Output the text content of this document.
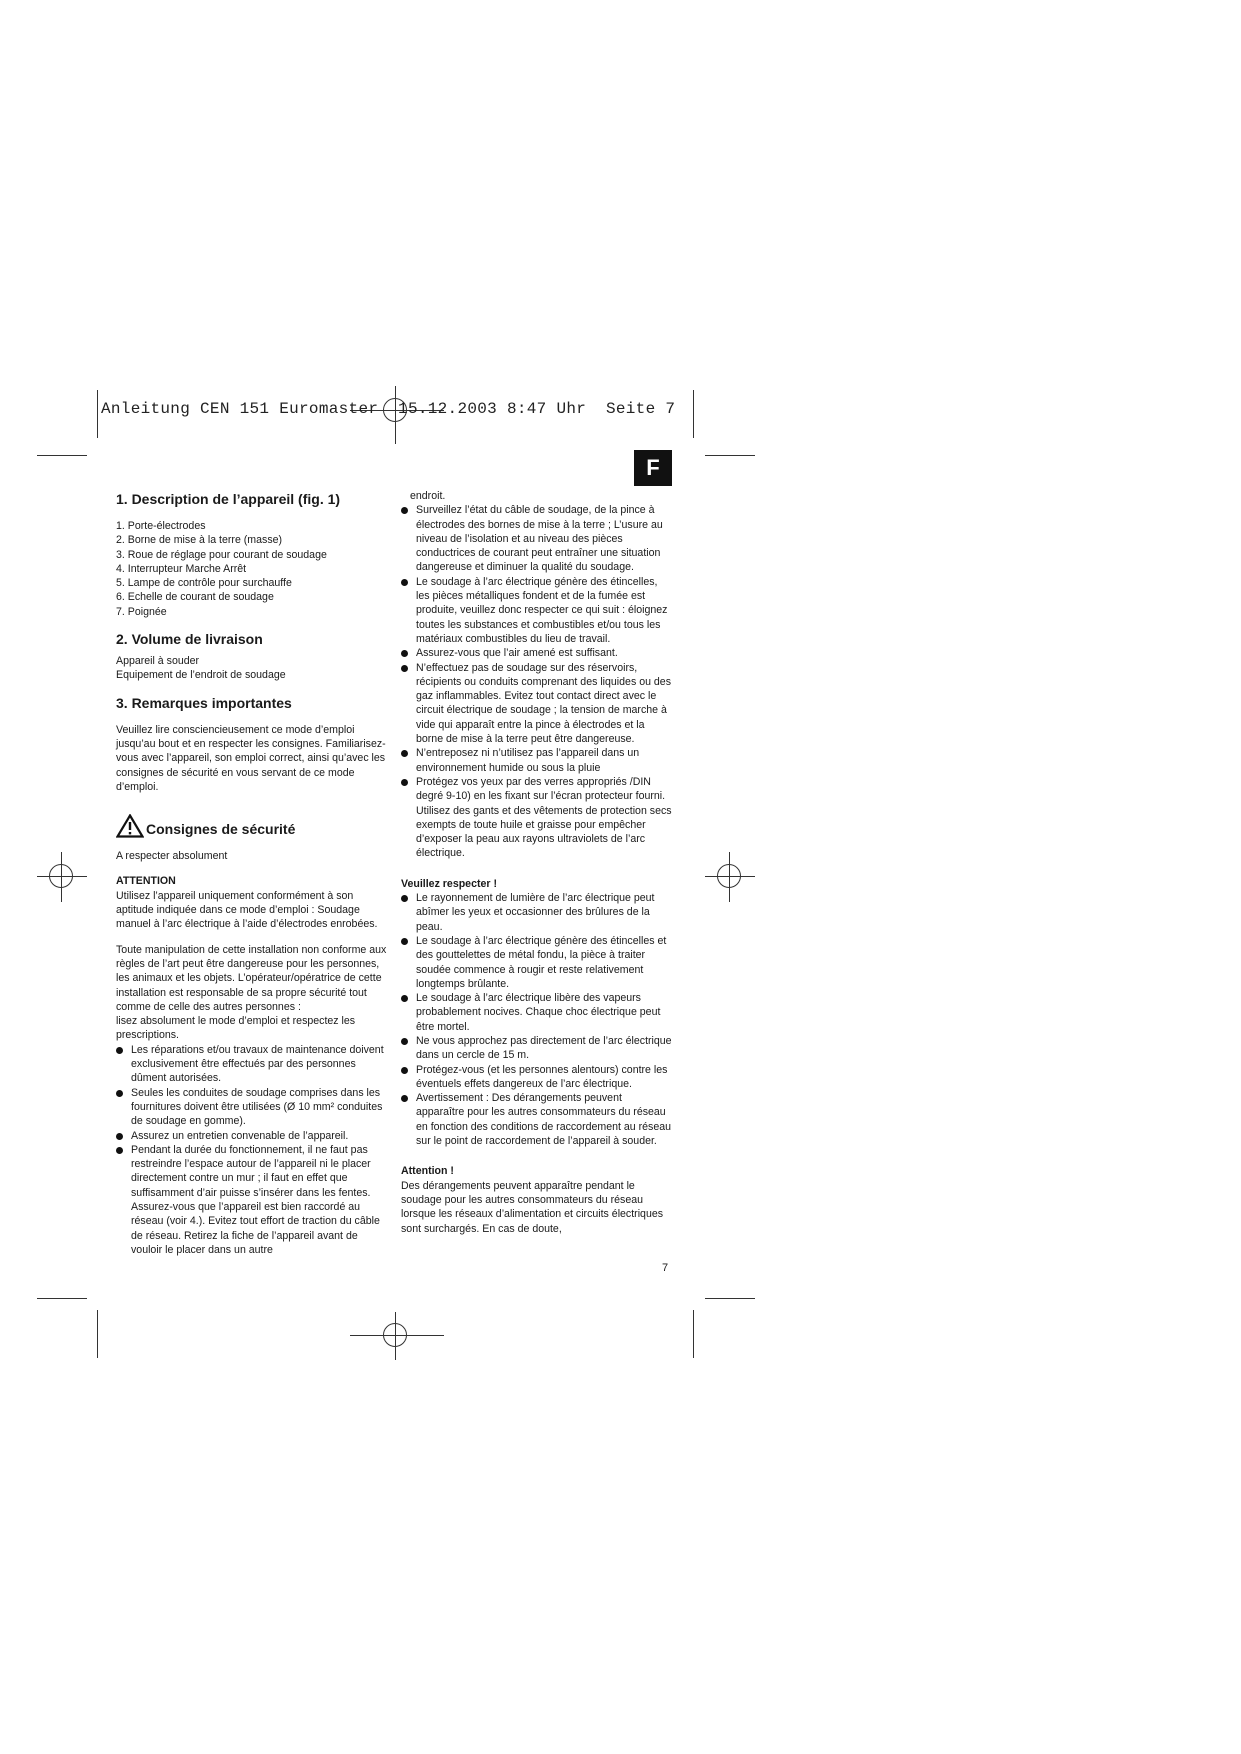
Anleitung CEN 151 Euromaster  15.12.2003 8:47 Uhr  Seite 7
F
1. Description de l’appareil (fig. 1)

1. Porte-électrodes

2. Borne de mise à la terre (masse)

3. Roue de réglage pour courant de soudage

4. Interrupteur Marche Arrêt

5. Lampe de contrôle pour surchauffe

6. Echelle de courant de soudage

7. Poignée

2. Volume de livraison

Appareil à souder

Equipement de l’endroit de soudage

3. Remarques importantes

Veuillez lire consciencieusement ce mode d’emploi jusqu’au bout et en respecter les consignes. Familiarisez-vous avec l’appareil, son emploi correct, ainsi qu’avec les consignes de sécurité en vous servant de ce mode d’emploi.

Consignes de sécurité

A respecter absolument

ATTENTION

Utilisez l’appareil uniquement conformément à son aptitude indiquée dans ce mode d’emploi : Soudage manuel à l’arc électrique à l’aide d’électrodes enrobées.

Toute manipulation de cette installation non conforme aux règles de l’art peut être dangereuse pour les personnes, les animaux et les objets. L’opérateur/opératrice de cette installation est responsable de sa propre sécurité tout comme de celle des autres personnes :

lisez absolument le mode d’emploi et respectez les prescriptions.

Les réparations et/ou travaux de maintenance doivent exclusivement être effectués par des personnes dûment autorisées.
Seules les conduites de soudage comprises dans les fournitures doivent être utilisées (Ø 10 mm² conduites de soudage en gomme).
Assurez un entretien convenable de l’appareil.
Pendant la durée du fonctionnement, il ne faut pas restreindre l’espace autour de l’appareil ni le placer directement contre un mur ; il faut en effet que suffisamment d’air puisse s’insérer dans les fentes. Assurez-vous que l’appareil est bien raccordé au réseau (voir 4.). Evitez tout effort de traction du câble de réseau. Retirez la fiche de l’appareil avant de vouloir le placer dans un autre

endroit.

Surveillez l’état du câble de soudage, de la pince à électrodes des bornes de mise à la terre ; L’usure au niveau de l’isolation et au niveau des pièces conductrices de courant peut entraîner une situation dangereuse et diminuer la qualité du soudage.
Le soudage à l’arc électrique génère des étincelles, les pièces métalliques fondent et de la fumée est produite, veuillez donc respecter ce qui suit : éloignez toutes les substances et combustibles et/ou tous les matériaux combustibles du lieu de travail.
Assurez-vous que l’air amené est suffisant.
N’effectuez pas de soudage sur des réservoirs, récipients ou conduits comprenant des liquides ou des gaz inflammables. Evitez tout contact direct avec le circuit électrique de soudage ; la tension de marche à vide qui apparaît entre la pince à électrodes et la borne de mise à la terre peut être dangereuse.
N’entreposez ni n’utilisez pas l’appareil dans un environnement humide ou sous la pluie
Protégez vos yeux par des verres appropriés /DIN degré 9-10) en les fixant sur l’écran protecteur fourni. Utilisez des gants et des vêtements de protection secs exempts de toute huile et graisse pour empêcher d’exposer la peau aux rayons ultraviolets de l’arc électrique.

Veuillez respecter !

Le rayonnement de lumière de l’arc électrique peut abîmer les yeux et occasionner des brûlures de la peau.
Le soudage à l’arc électrique génère des étincelles et des gouttelettes de métal fondu, la pièce à traiter soudée commence à rougir et reste relativement longtemps brûlante.
Le soudage à l’arc électrique libère des vapeurs probablement nocives. Chaque choc électrique peut être mortel.
Ne vous approchez pas directement de l’arc électrique dans un cercle de 15 m.
Protégez-vous (et les personnes alentours) contre les éventuels effets dangereux de l’arc électrique.
Avertissement : Des dérangements peuvent apparaître pour les autres consommateurs du réseau en fonction des conditions de raccordement au réseau sur le point de raccordement de l’appareil à souder.

Attention !

Des dérangements peuvent apparaître pendant le soudage pour les autres consommateurs du réseau lorsque les réseaux d’alimentation et circuits électriques sont surchargés. En cas de doute,

7
